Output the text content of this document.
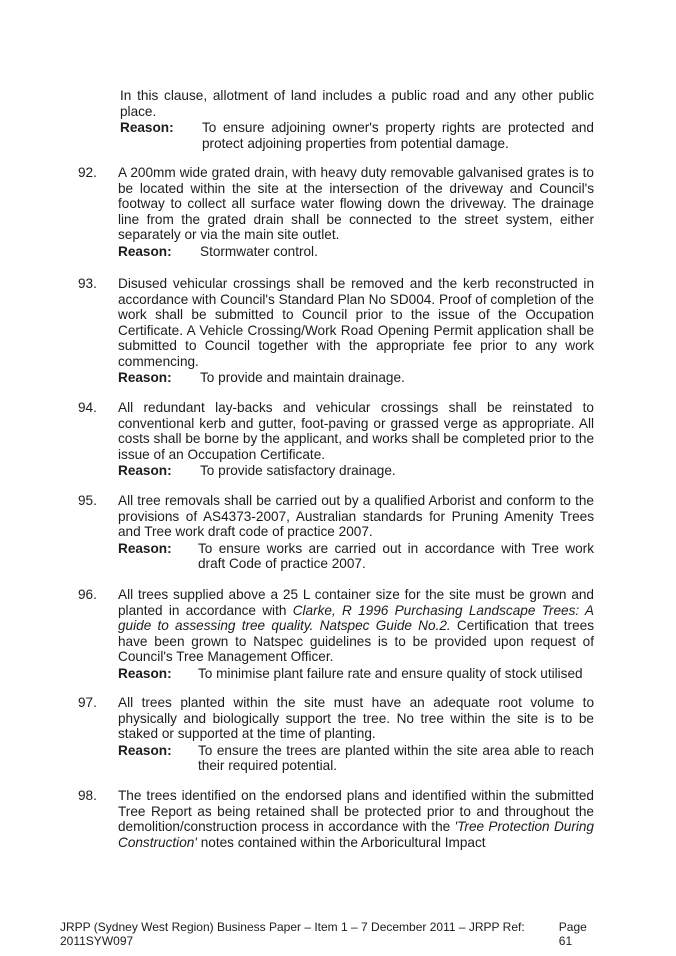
In this clause, allotment of land includes a public road and any other public place.
Reason:	To ensure adjoining owner's property rights are protected and protect adjoining properties from potential damage.
92.	A 200mm wide grated drain, with heavy duty removable galvanised grates is to be located within the site at the intersection of the driveway and Council's footway to collect all surface water flowing down the driveway. The drainage line from the grated drain shall be connected to the street system, either separately or via the main site outlet.
Reason:	Stormwater control.
93.	Disused vehicular crossings shall be removed and the kerb reconstructed in accordance with Council's Standard Plan No SD004. Proof of completion of the work shall be submitted to Council prior to the issue of the Occupation Certificate. A Vehicle Crossing/Work Road Opening Permit application shall be submitted to Council together with the appropriate fee prior to any work commencing.
Reason:	To provide and maintain drainage.
94.	All redundant lay-backs and vehicular crossings shall be reinstated to conventional kerb and gutter, foot-paving or grassed verge as appropriate. All costs shall be borne by the applicant, and works shall be completed prior to the issue of an Occupation Certificate.
Reason:	To provide satisfactory drainage.
95.	All tree removals shall be carried out by a qualified Arborist and conform to the provisions of AS4373-2007, Australian standards for Pruning Amenity Trees and Tree work draft code of practice 2007.
Reason:	To ensure works are carried out in accordance with Tree work draft Code of practice 2007.
96.	All trees supplied above a 25 L container size for the site must be grown and planted in accordance with Clarke, R 1996 Purchasing Landscape Trees: A guide to assessing tree quality. Natspec Guide No.2. Certification that trees have been grown to Natspec guidelines is to be provided upon request of Council's Tree Management Officer.
Reason:	To minimise plant failure rate and ensure quality of stock utilised
97.	All trees planted within the site must have an adequate root volume to physically and biologically support the tree. No tree within the site is to be staked or supported at the time of planting.
Reason:	To ensure the trees are planted within the site area able to reach their required potential.
98.	The trees identified on the endorsed plans and identified within the submitted Tree Report as being retained shall be protected prior to and throughout the demolition/construction process in accordance with the 'Tree Protection During Construction' notes contained within the Arboricultural Impact
JRPP (Sydney West Region) Business Paper – Item 1 – 7 December 2011 – JRPP Ref: 2011SYW097
Page 61
